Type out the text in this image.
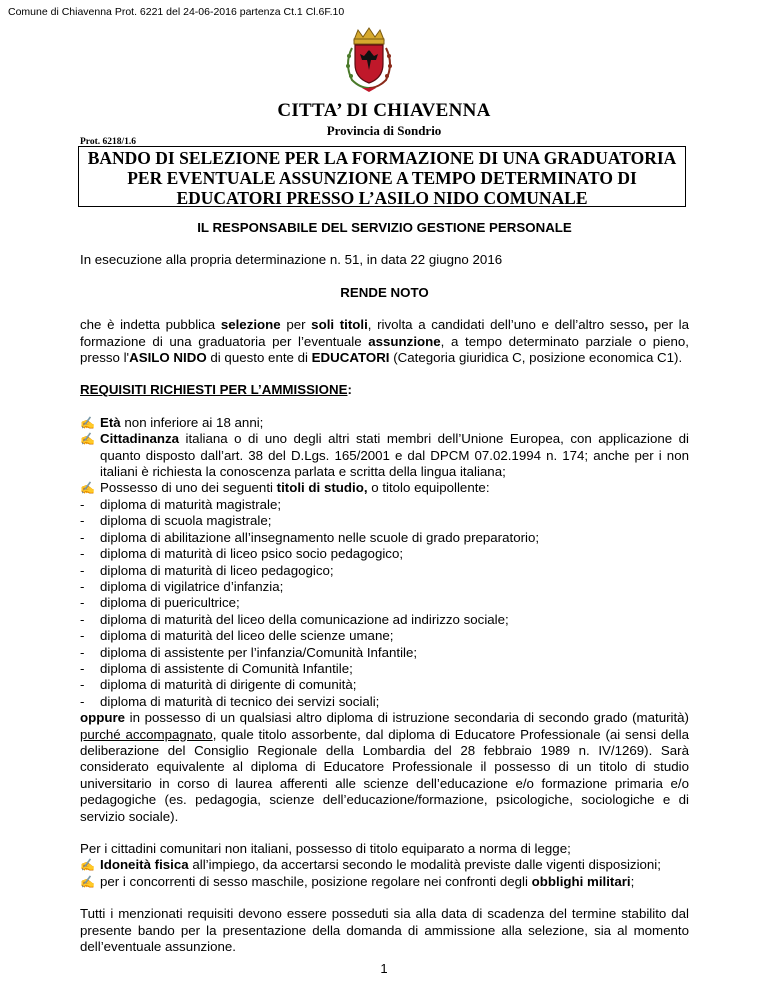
Comune di Chiavenna Prot. 6221 del 24-06-2016 partenza Ct.1 Cl.6F.10
CITTA’ DI CHIAVENNA
Provincia di Sondrio
Prot. 6218/1.6
BANDO DI SELEZIONE PER LA FORMAZIONE DI UNA GRADUATORIA
PER EVENTUALE ASSUNZIONE A TEMPO DETERMINATO DI
EDUCATORI PRESSO L’ASILO NIDO COMUNALE

IL RESPONSABILE DEL SERVIZIO GESTIONE PERSONALE

In esecuzione alla propria determinazione n. 51, in data 22 giugno 2016

RENDE NOTO

che è indetta pubblica selezione per soli titoli, rivolta a candidati dell’uno e dell’altro sesso, per la formazione di una graduatoria per l’eventuale assunzione, a tempo determinato parziale o pieno, presso l'ASILO NIDO di questo ente di EDUCATORI (Categoria giuridica C, posizione economica C1).

REQUISITI RICHIESTI PER L’AMMISSIONE:

✍ Età non inferiore ai 18 anni;
✍ Cittadinanza italiana o di uno degli altri stati membri dell’Unione Europea, con applicazione di quanto disposto dall’art. 38 del D.Lgs. 165/2001 e dal DPCM 07.02.1994 n. 174; anche per i non italiani è richiesta la conoscenza parlata e scritta della lingua italiana;
✍ Possesso di uno dei seguenti titoli di studio, o titolo equipollente:
-	diploma di maturità magistrale;
-	diploma di scuola magistrale;
-	diploma di abilitazione all’insegnamento nelle scuole di grado preparatorio;
-	diploma di maturità di liceo psico socio pedagogico;
-	diploma di maturità di liceo pedagogico;
-	diploma di vigilatrice d’infanzia;
-	diploma di puericultrice;
-	diploma di maturità del liceo della comunicazione ad indirizzo sociale;
-	diploma di maturità del liceo delle scienze umane;
-	diploma di assistente per l’infanzia/Comunità Infantile;
-	diploma di assistente di Comunità Infantile;
-	diploma di maturità di dirigente di comunità;
-	diploma di maturità di tecnico dei servizi sociali;

oppure in possesso di un qualsiasi altro diploma di istruzione secondaria di secondo grado (maturità) purché accompagnato, quale titolo assorbente, dal diploma di Educatore Professionale (ai sensi della deliberazione del Consiglio Regionale della Lombardia del 28 febbraio 1989 n. IV/1269). Sarà considerato equivalente al diploma di Educatore Professionale il possesso di un titolo di studio universitario in corso di laurea afferenti alle scienze dell’educazione e/o formazione primaria e/o pedagogiche (es. pedagogia, scienze dell’educazione/formazione, psicologiche, sociologiche e di servizio sociale).

Per i cittadini comunitari non italiani, possesso di titolo equiparato a norma di legge;

✍ Idoneità fisica all’impiego, da accertarsi secondo le modalità previste dalle vigenti disposizioni;
✍ per i concorrenti di sesso maschile, posizione regolare nei confronti degli obblighi militari;

Tutti i menzionati requisiti devono essere posseduti sia alla data di scadenza del termine stabilito dal presente bando per la presentazione della domanda di ammissione alla selezione, sia al momento dell’eventuale assunzione.

1
